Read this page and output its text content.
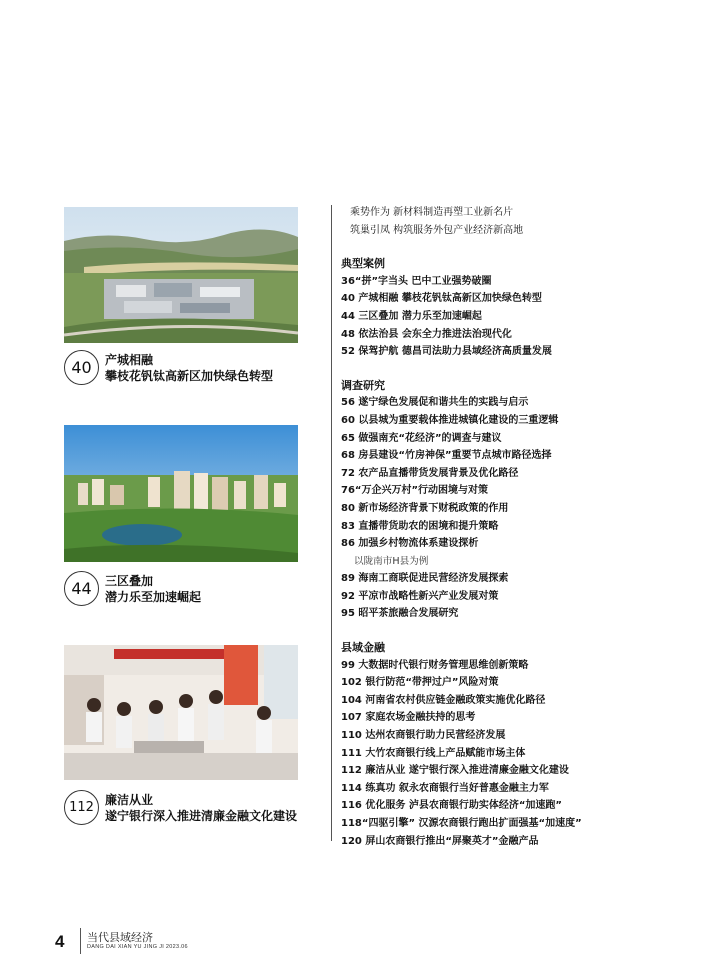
40	产城相融
攀枝花钒钛高新区加快绿色转型
44	三区叠加
潜力乐至加速崛起
112 廉洁从业
遂宁银行深入推进清廉金融文化建设
乘势作为 新材料制造再塑工业新名片
筑巢引凤 构筑服务外包产业经济新高地
典型案例
36“拼”字当头 巴中工业强势破圈
40 产城相融 攀枝花钒钛高新区加快绿色转型
44 三区叠加 潜力乐至加速崛起
48 依法治县 会东全力推进法治现代化
52 保驾护航 德昌司法助力县域经济高质量发展
调查研究
56 遂宁绿色发展促和谐共生的实践与启示
60 以县城为重要载体推进城镇化建设的三重逻辑
65 做强南充“花经济”的调查与建议
68 房县建设“竹房神保”重要节点城市路径选择
72 农产品直播带货发展背景及优化路径
76“万企兴万村”行动困境与对策
80 新市场经济背景下财税政策的作用
83 直播带货助农的困境和提升策略
86 加强乡村物流体系建设探析
以陇南市H县为例
89 海南工商联促进民营经济发展探索
92 平凉市战略性新兴产业发展对策
95 昭平茶旅融合发展研究
县域金融
99 大数据时代银行财务管理思维创新策略
102 银行防范“带押过户”风险对策
104 河南省农村供应链金融政策实施优化路径
107 家庭农场金融扶持的思考
110 达州农商银行助力民营经济发展
111 大竹农商银行线上产品赋能市场主体
112 廉洁从业 遂宁银行深入推进清廉金融文化建设
114 练真功 叙永农商银行当好普惠金融主力军
116 优化服务 泸县农商银行助实体经济“加速跑”
118“四驱引擎” 汉源农商银行跑出扩面强基“加速度”
120 屏山农商银行推出“屏聚英才”金融产品
4 当代县域经济
DANG DAI XIAN YU JING JI 2023.06
